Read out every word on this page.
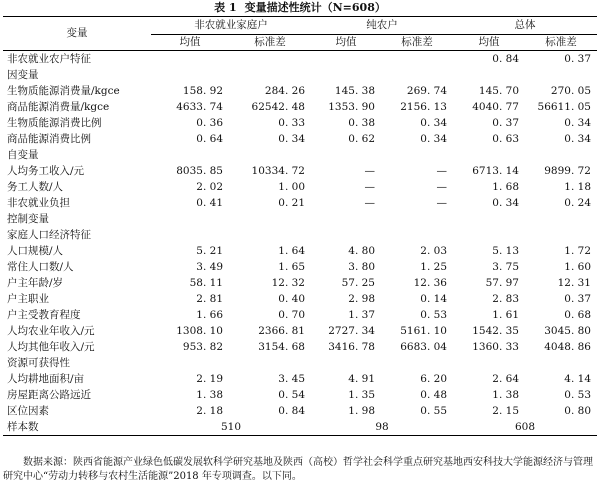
表 1 变量描述性统计（N=608）
变量	非农就业家庭户		纯农户		总体	
	均值	标准差	均值	标准差	均值	标准差
非农就业农户特征					0. 84	0. 37
因变量						
生物质能源消费量/kgce	158. 92	284. 26	145. 38	269. 74	145. 70	270. 05
商品能源消费量/kgce	4633. 74	62542. 48	1353. 90	2156. 13	4040. 77	56611. 05
生物质能源消费比例	0. 36	0. 33	0. 38	0. 34	0. 37	0. 34
商品能源消费比例	0. 64	0. 34	0. 62	0. 34	0. 63	0. 34
自变量						
人均务工收入/元	8035. 85	10334. 72	—	—	6713. 14	9899. 72
务工人数/人	2. 02	1. 00	—	—	1. 68	1. 18
非农就业负担	0. 41	0. 21	—	—	0. 34	0. 24
控制变量						
家庭人口经济特征						
人口规模/人	5. 21	1. 64	4. 80	2. 03	5. 13	1. 72
常住人口数/人	3. 49	1. 65	3. 80	1. 25	3. 75	1. 60
户主年龄/岁	58. 11	12. 32	57. 25	12. 36	57. 97	12. 31
户主职业	2. 81	0. 40	2. 98	0. 14	2. 83	0. 37
户主受教育程度	1. 66	0. 70	1. 37	0. 53	1. 61	0. 68
人均农业年收入/元	1308. 10	2366. 81	2727. 34	5161. 10	1542. 35	3045. 80
人均其他年收入/元	953. 82	3154. 68	3416. 78	6683. 04	1360. 33	4048. 86
资源可获得性						
人均耕地面积/亩	2. 19	3. 45	4. 91	6. 20	2. 64	4. 14
房屋距离公路远近	1. 38	0. 54	1. 35	0. 48	1. 38	0. 53
区位因素	2. 18	0. 84	1. 98	0. 55	2. 15	0. 80
样本数	510		98		608	
数据来源：陕西省能源产业绿色低碳发展软科学研究基地及陕西（高校）哲学社会科学重点研究基地西安科技大学能源经济与管理研究中心“劳动力转移与农村生活能源”2018 年专项调查。以下同。
